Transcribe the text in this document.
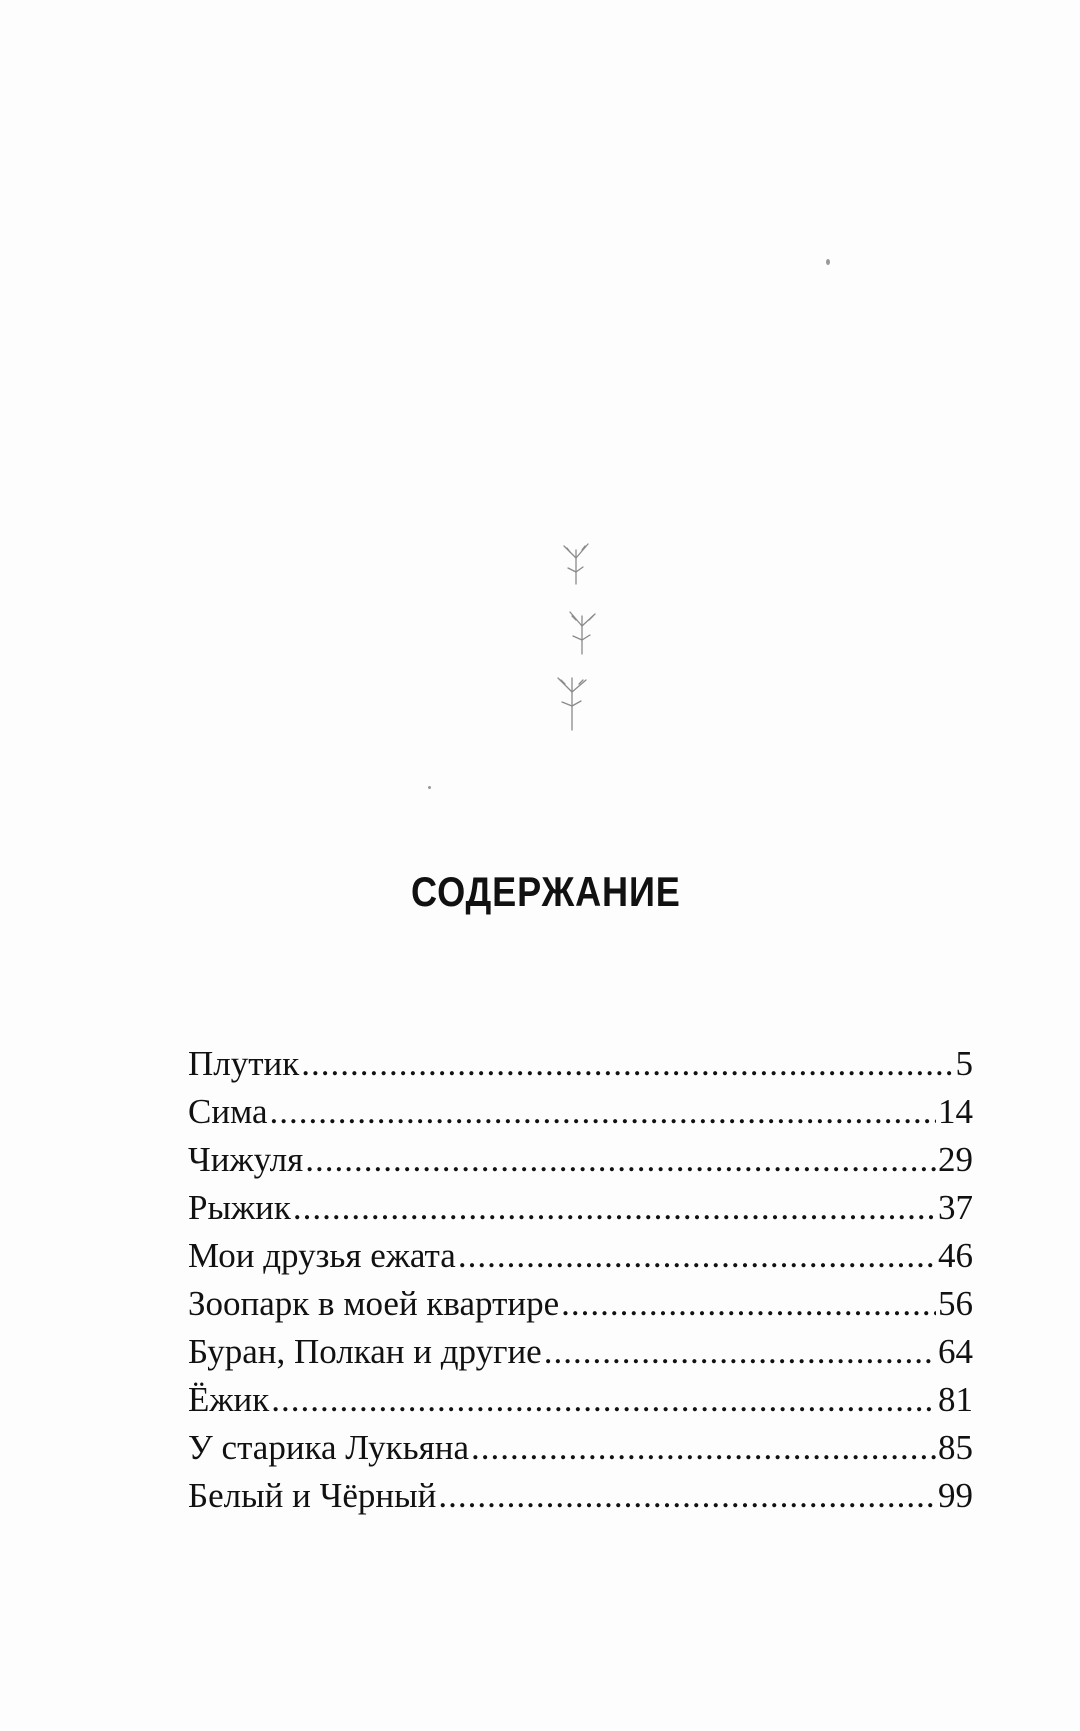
СОДЕРЖАНИЕ
Плутик .....	5
Сима .....	14
Чижуля .....	29
Рыжик .....	37
Мои друзья ежата .....	46
Зоопарк в моей квартире .....	56
Буран, Полкан и другие .....	64
Ёжик .....	81
У старика Лукьяна .....	85
Белый и Чёрный .....	99
